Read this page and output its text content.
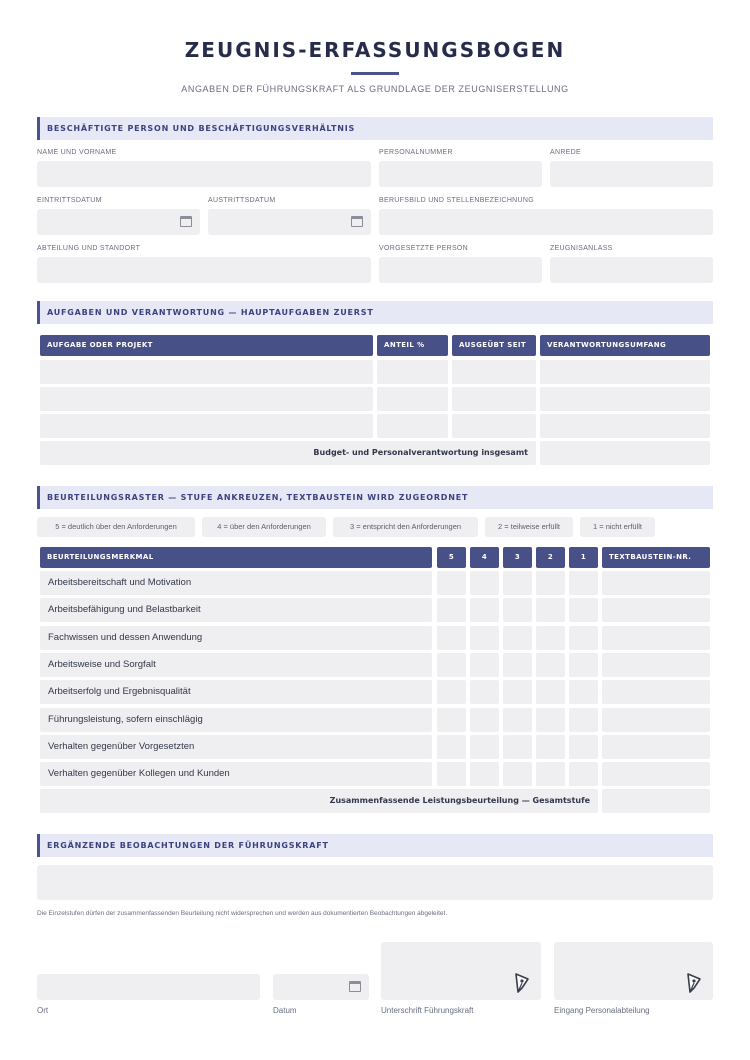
ZEUGNIS-ERFASSUNGSBOGEN
ANGABEN DER FÜHRUNGSKRAFT ALS GRUNDLAGE DER ZEUGNISERSTELLUNG
BESCHÄFTIGTE PERSON UND BESCHÄFTIGUNGSVERHÄLTNIS
NAME UND VORNAME	PERSONALNUMMER	ANREDE
EINTRITTSDATUM	AUSTRITTSDATUM	BERUFSBILD UND STELLENBEZEICHNUNG
ABTEILUNG UND STANDORT	VORGESETZTE PERSON	ZEUGNISANLASS
AUFGABEN UND VERANTWORTUNG — HAUPTAUFGABEN ZUERST
AUFGABE ODER PROJEKT	ANTEIL %	AUSGEÜBT SEIT	VERANTWORTUNGSUMFANG
Budget- und Personalverantwortung insgesamt
BEURTEILUNGSRASTER — STUFE ANKREUZEN, TEXTBAUSTEIN WIRD ZUGEORDNET
5 = deutlich über den Anforderungen	4 = über den Anforderungen	3 = entspricht den Anforderungen	2 = teilweise erfüllt	1 = nicht erfüllt
BEURTEILUNGSMERKMAL	5	4	3	2	1	TEXTBAUSTEIN-NR.
Arbeitsbereitschaft und Motivation
Arbeitsbefähigung und Belastbarkeit
Fachwissen und dessen Anwendung
Arbeitsweise und Sorgfalt
Arbeitserfolg und Ergebnisqualität
Führungsleistung, sofern einschlägig
Verhalten gegenüber Vorgesetzten
Verhalten gegenüber Kollegen und Kunden
Zusammenfassende Leistungsbeurteilung — Gesamtstufe
ERGÄNZENDE BEOBACHTUNGEN DER FÜHRUNGSKRAFT
Die Einzelstufen dürfen der zusammenfassenden Beurteilung nicht widersprechen und werden aus dokumentierten Beobachtungen abgeleitet.
Ort	Datum	Unterschrift Führungskraft	Eingang Personalabteilung
